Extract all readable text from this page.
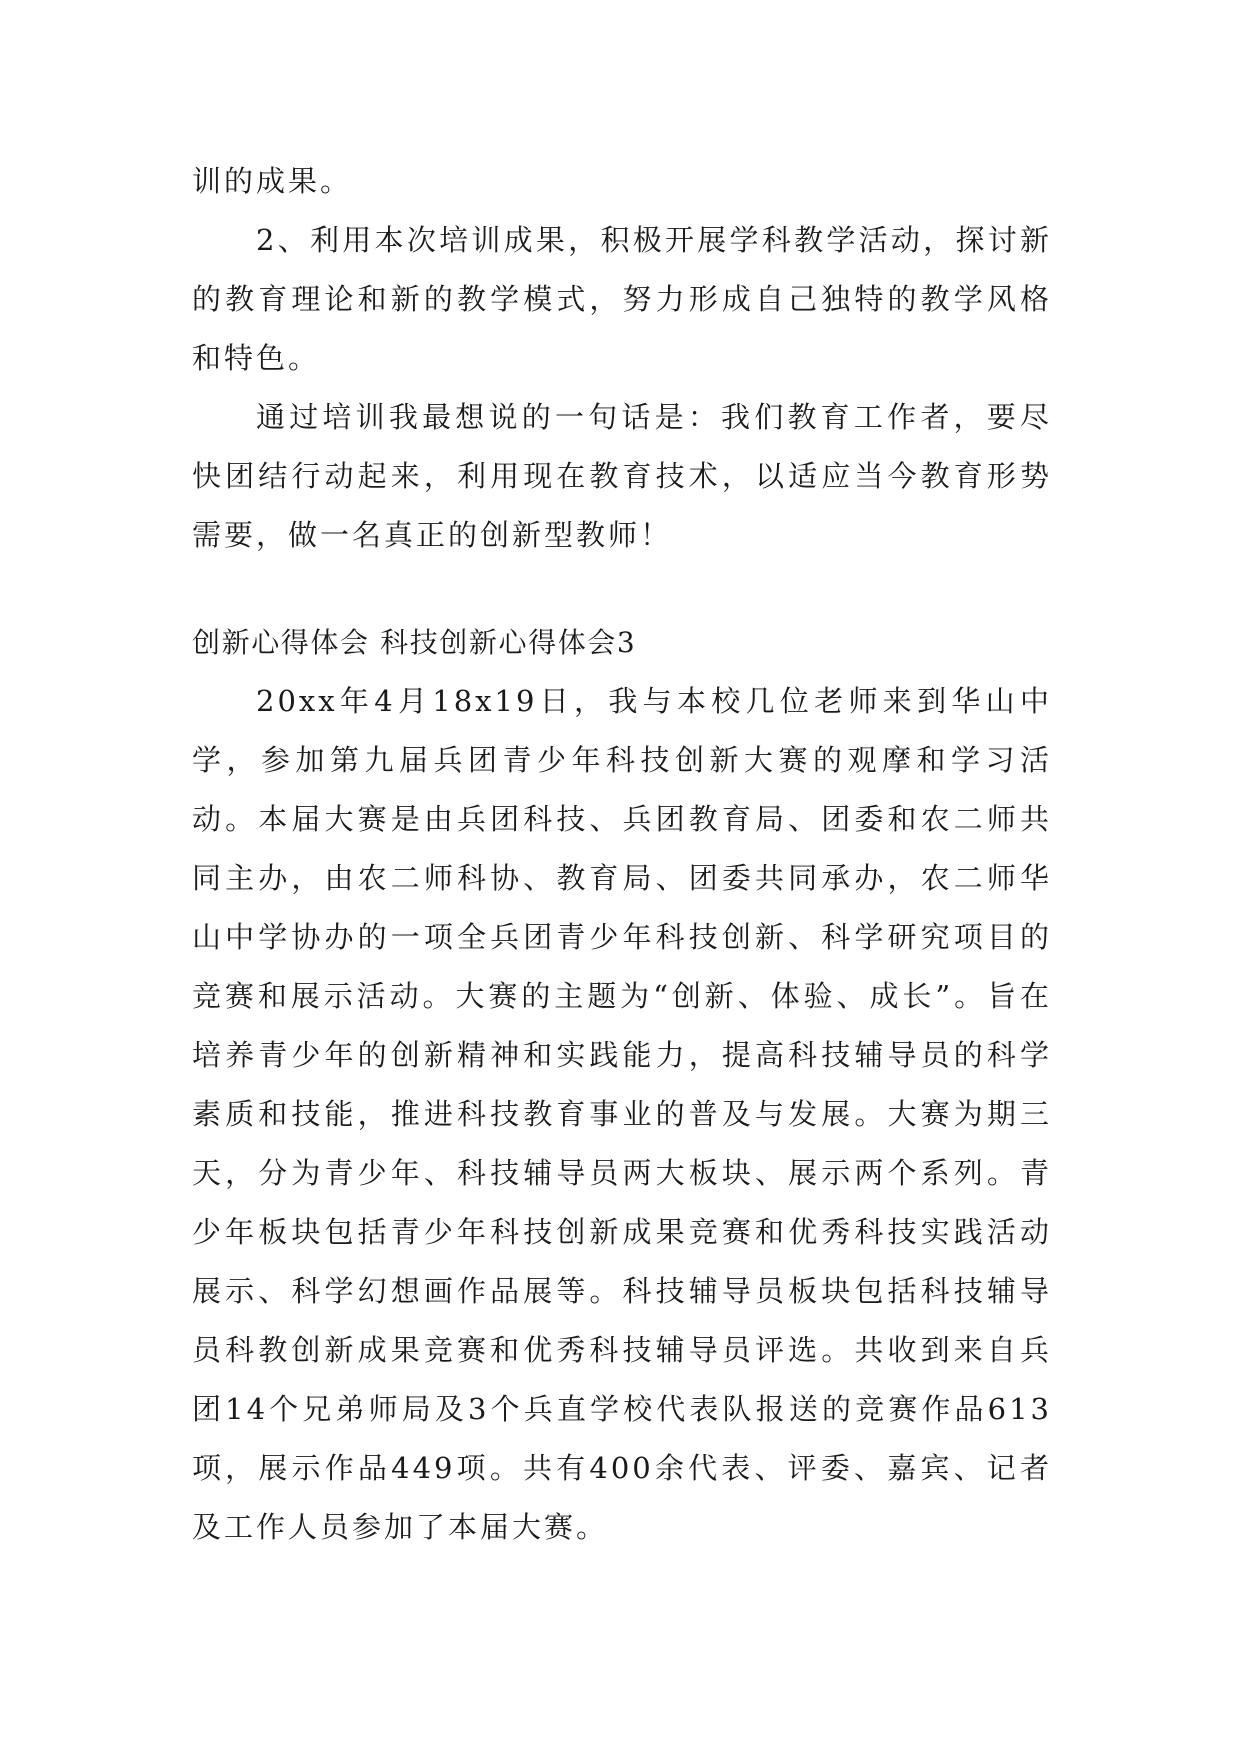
训的成果。

2、利用本次培训成果，积极开展学科教学活动，探讨新的教育理论和新的教学模式，努力形成自己独特的教学风格和特色。

通过培训我最想说的一句话是：我们教育工作者，要尽快团结行动起来，利用现在教育技术，以适应当今教育形势需要，做一名真正的创新型教师！

创新心得体会 科技创新心得体会3

20xx年4月18x19日，我与本校几位老师来到华山中学，参加第九届兵团青少年科技创新大赛的观摩和学习活动。本届大赛是由兵团科技、兵团教育局、团委和农二师共同主办，由农二师科协、教育局、团委共同承办，农二师华山中学协办的一项全兵团青少年科技创新、科学研究项目的竞赛和展示活动。大赛的主题为“创新、体验、成长”。旨在培养青少年的创新精神和实践能力，提高科技辅导员的科学素质和技能，推进科技教育事业的普及与发展。大赛为期三天，分为青少年、科技辅导员两大板块、展示两个系列。青少年板块包括青少年科技创新成果竞赛和优秀科技实践活动展示、科学幻想画作品展等。科技辅导员板块包括科技辅导员科教创新成果竞赛和优秀科技辅导员评选。共收到来自兵团14个兄弟师局及3个兵直学校代表队报送的竞赛作品613项，展示作品449项。共有400余代表、评委、嘉宾、记者及工作人员参加了本届大赛。
